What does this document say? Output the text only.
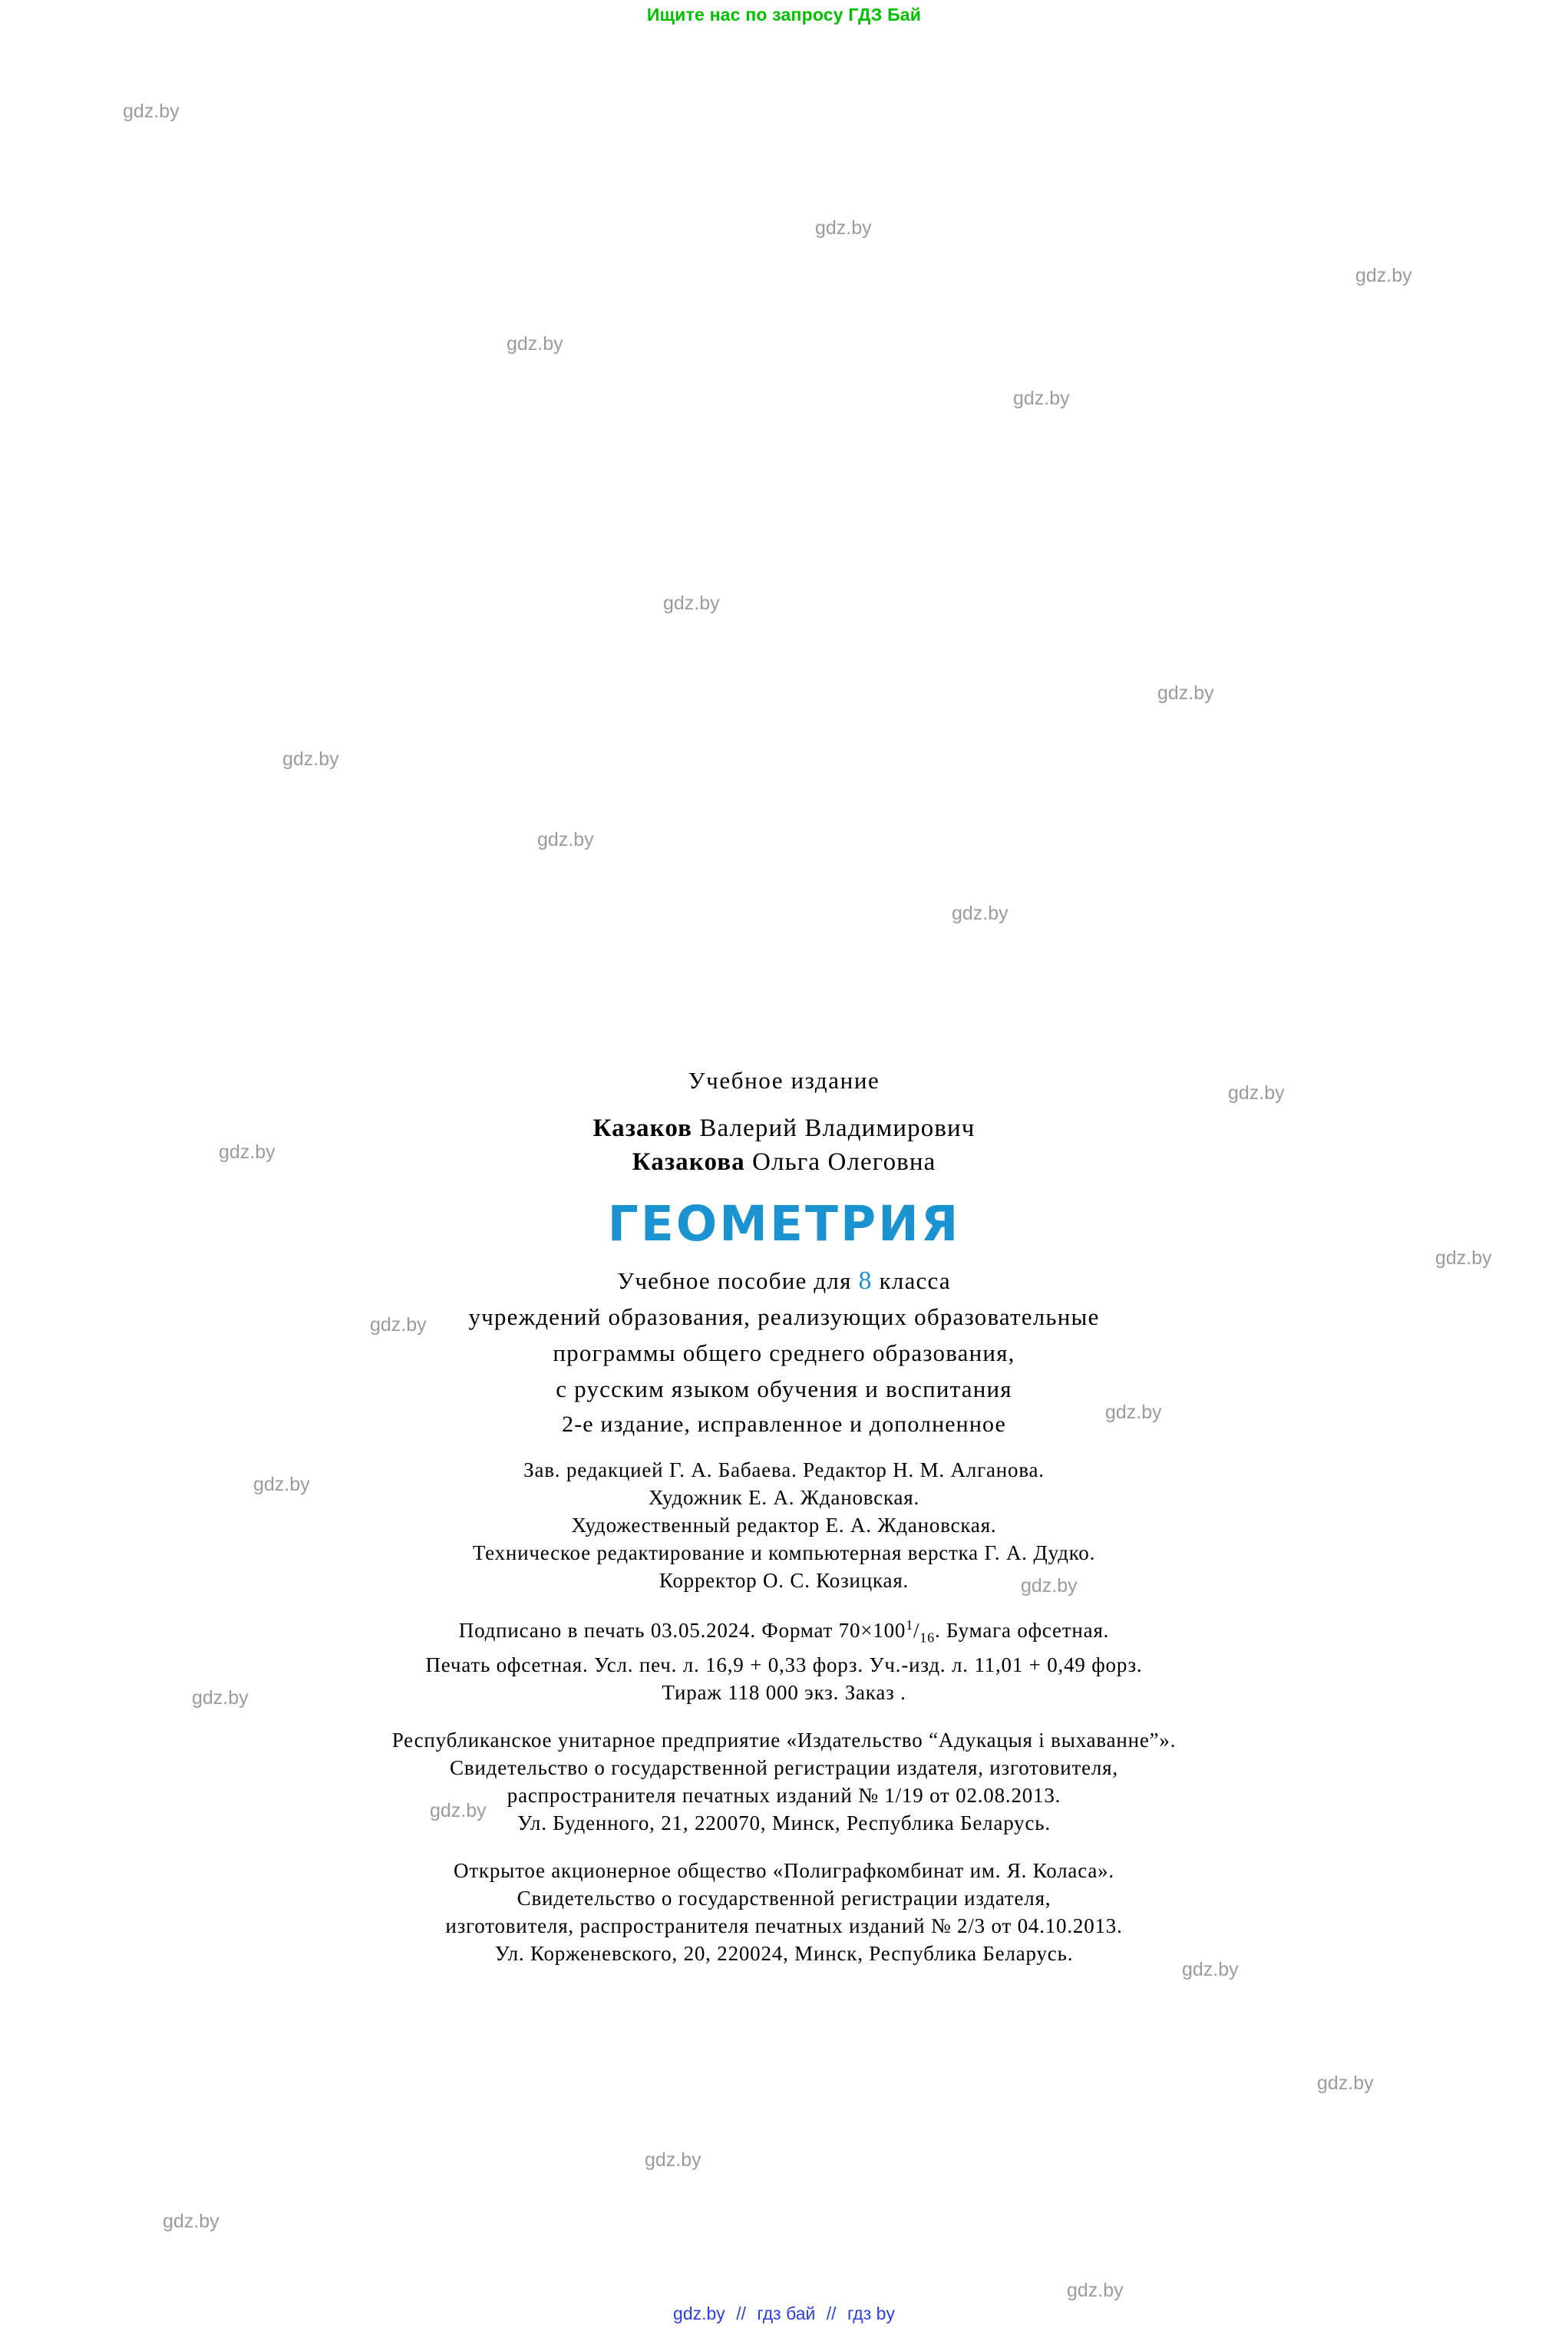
Ищите нас по запросу ГДЗ Бай
gdz.by
gdz.by
gdz.by
gdz.by
gdz.by
gdz.by
gdz.by
gdz.by
gdz.by
gdz.by
gdz.by
gdz.by
gdz.by
gdz.by
gdz.by
gdz.by
gdz.by
gdz.by
gdz.by
gdz.by
gdz.by
gdz.by
gdz.by
gdz.by
Учебное издание
Казаков Валерий Владимирович
Казакова Ольга Олеговна
ГЕОМЕТРИЯ
Учебное пособие для 8 класса
учреждений образования, реализующих образовательные
программы общего среднего образования,
с русским языком обучения и воспитания
2-е издание, исправленное и дополненное
Зав. редакцией Г. А. Бабаева. Редактор Н. М. Алганова.
Художник Е. А. Ждановская.
Художественный редактор Е. А. Ждановская.
Техническое редактирование и компьютерная верстка Г. А. Дудко.
Корректор О. С. Козицкая.
Подписано в печать 03.05.2024. Формат $70\times 100^1/_{16}$. Бумага офсетная.
Печать офсетная. Усл. печ. л. 16,9 + 0,33 форз. Уч.-изд. л. 11,01 + 0,49 форз.
Тираж 118 000 экз. Заказ .
Республиканское унитарное предприятие «Издательство “Адукацыя i выхаванне”».
Свидетельство о государственной регистрации издателя, изготовителя,
распространителя печатных изданий № 1/19 от 02.08.2013.
Ул. Буденного, 21, 220070, Минск, Республика Беларусь.
Открытое акционерное общество «Полиграфкомбинат им. Я. Коласа».
Свидетельство о государственной регистрации издателя,
изготовителя, распространителя печатных изданий № 2/3 от 04.10.2013.
Ул. Корженевского, 20, 220024, Минск, Республика Беларусь.
gdz.by // гдз бай // гдз by
